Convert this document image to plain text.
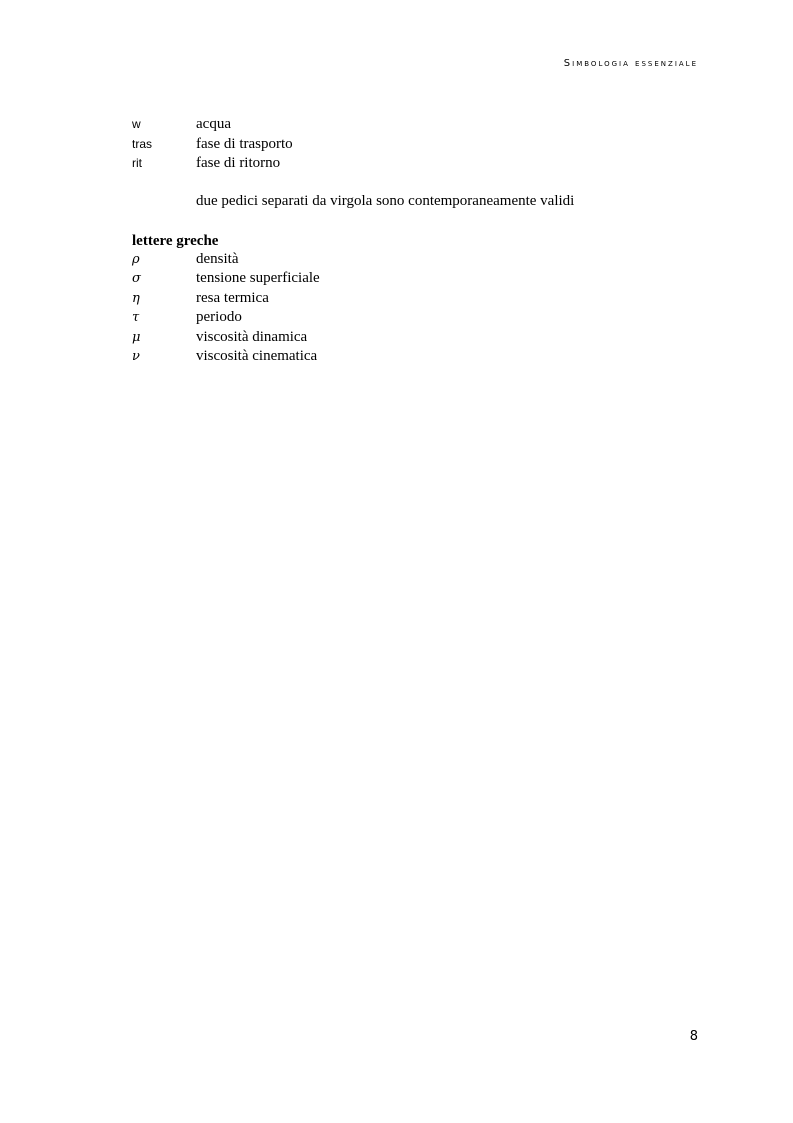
Simbologia essenziale
w	acqua
tras	fase di trasporto
rit	fase di ritorno
due pedici separati da virgola sono contemporaneamente validi
lettere greche
ρ	densità
σ	tensione superficiale
η	resa termica
τ	periodo
μ	viscosità dinamica
ν	viscosità cinematica
8
